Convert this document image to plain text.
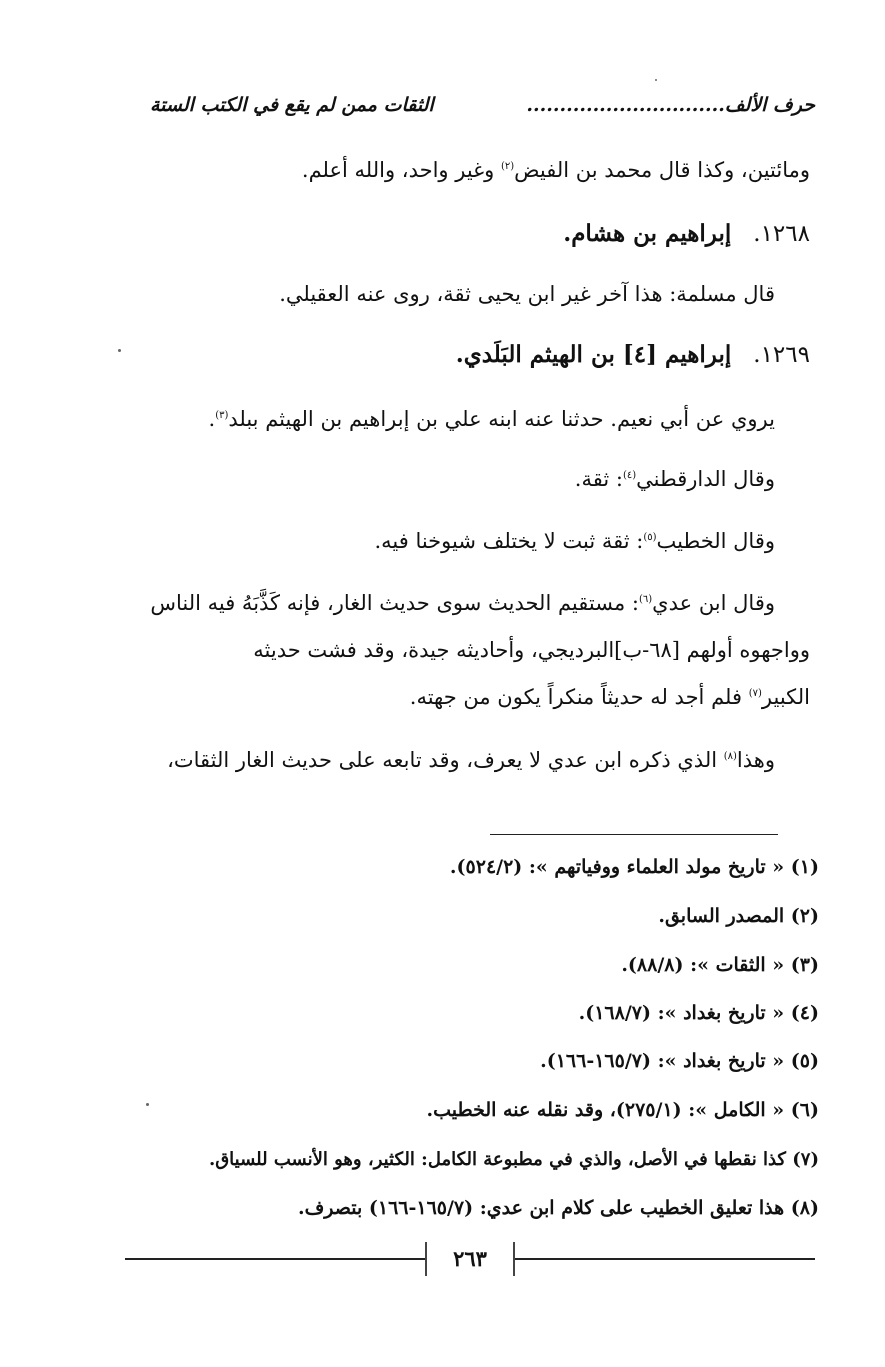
الثقات ممن لم يقع في الكتب الستة	حرف الألف..............................
ومائتين، وكذا قال محمد بن الفيض$^{(٢)}$ وغير واحد، والله أعلم.
١٢٦٨.إبراهيم بن هشام.
قال مسلمة: هذا آخر غير ابن يحيى ثقة، روى عنه العقيلي.
١٢٦٩.إبراهيم [٤] بن الهيثم البَلَدي.
يروي عن أبي نعيم. حدثنا عنه ابنه علي بن إبراهيم بن الهيثم ببلد$^{(٣)}$.
وقال الدارقطني$^{(٤)}$: ثقة.
وقال الخطيب$^{(٥)}$: ثقة ثبت لا يختلف شيوخنا فيه.
وقال ابن عدي$^{(٦)}$: مستقيم الحديث سوى حديث الغار، فإنه كَذَّبَهُ فيه الناس
وواجهوه أولهم [٦٨-ب]البرديجي، وأحاديثه جيدة، وقد فشت حديثه
الكبير$^{(٧)}$ فلم أجد له حديثاً منكراً يكون من جهته.
وهذا$^{(٨)}$ الذي ذكره ابن عدي لا يعرف، وقد تابعه على حديث الغار الثقات،
(١) « تاريخ مولد العلماء ووفياتهم »: (٥٢٤/٢).
(٢) المصدر السابق.
(٣) « الثقات »: (٨٨/٨).
(٤) « تاريخ بغداد »: (١٦٨/٧).
(٥) « تاريخ بغداد »: (١٦٥/٧-١٦٦).
(٦) « الكامل »: (٢٧٥/١)، وقد نقله عنه الخطيب.
(٧) كذا نقطها في الأصل، والذي في مطبوعة الكامل: الكثير، وهو الأنسب للسياق.
(٨) هذا تعليق الخطيب على كلام ابن عدي: (١٦٥/٧-١٦٦) بتصرف.
٢٦٣
